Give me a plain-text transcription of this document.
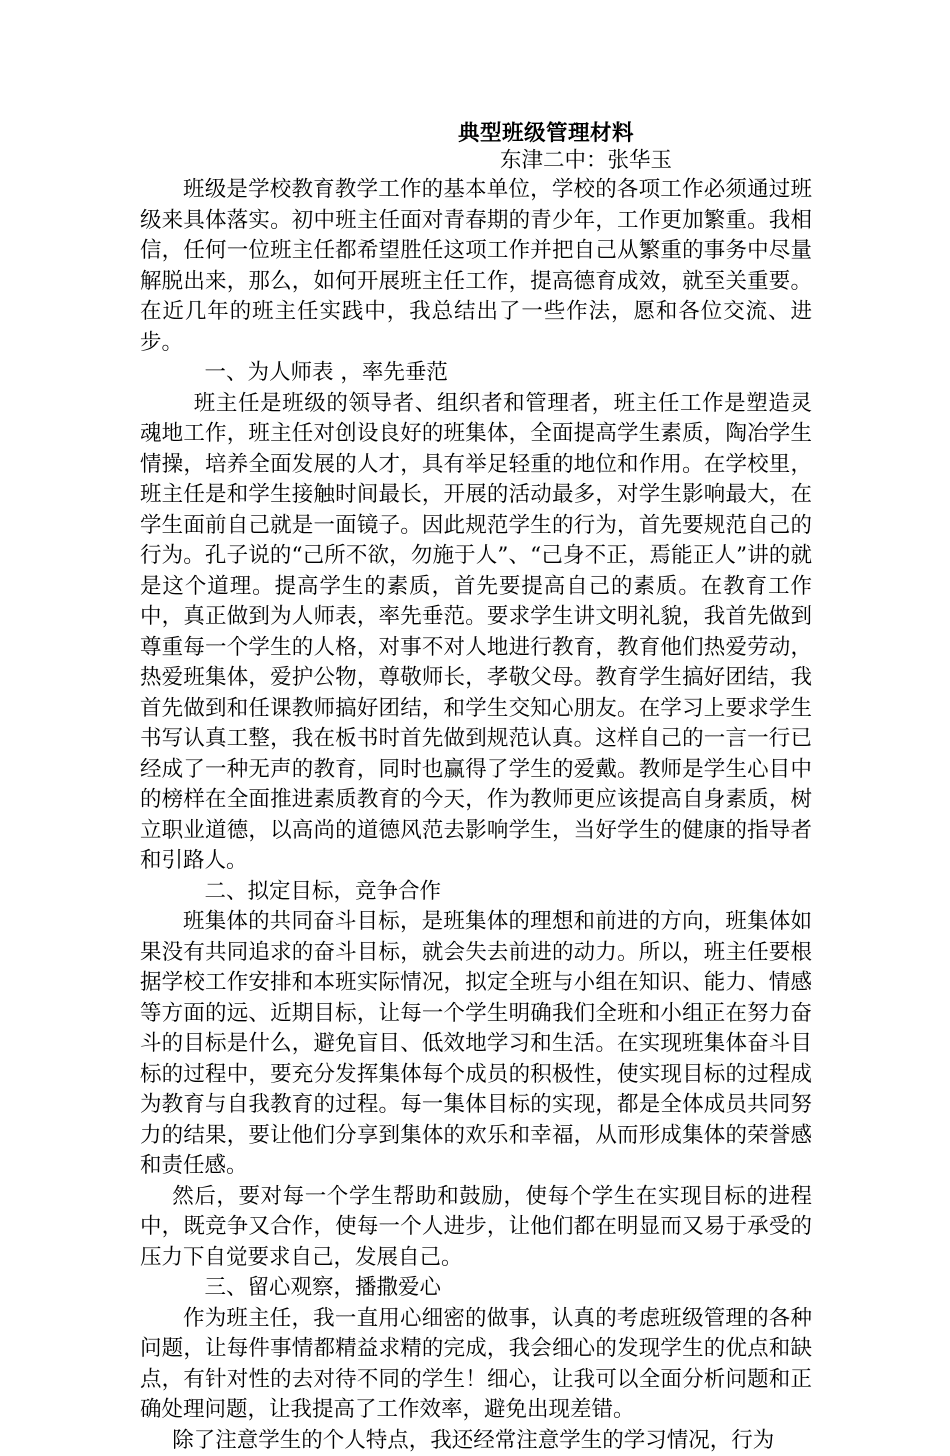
典型班级管理材料
东津二中：张华玉

班级是学校教育教学工作的基本单位，学校的各项工作必须通过班级来具体落实。初中班主任面对青春期的青少年，工作更加繁重。我相信，任何一位班主任都希望胜任这项工作并把自己从繁重的事务中尽量解脱出来，那么，如何开展班主任工作，提高德育成效，就至关重要。在近几年的班主任实践中，我总结出了一些作法，愿和各位交流、进步。

一、为人师表 ，率先垂范

班主任是班级的领导者、组织者和管理者，班主任工作是塑造灵魂地工作，班主任对创设良好的班集体，全面提高学生素质，陶冶学生情操，培养全面发展的人才，具有举足轻重的地位和作用。在学校里，班主任是和学生接触时间最长，开展的活动最多，对学生影响最大，在学生面前自己就是一面镜子。因此规范学生的行为，首先要规范自己的行为。孔子说的“己所不欲，勿施于人”、“己身不正，焉能正人”讲的就是这个道理。提高学生的素质，首先要提高自己的素质。在教育工作中，真正做到为人师表，率先垂范。要求学生讲文明礼貌，我首先做到尊重每一个学生的人格，对事不对人地进行教育，教育他们热爱劳动，热爱班集体，爱护公物，尊敬师长，孝敬父母。教育学生搞好团结，我首先做到和任课教师搞好团结，和学生交知心朋友。在学习上要求学生书写认真工整，我在板书时首先做到规范认真。这样自己的一言一行已经成了一种无声的教育，同时也赢得了学生的爱戴。教师是学生心目中的榜样在全面推进素质教育的今天，作为教师更应该提高自身素质，树立职业道德，以高尚的道德风范去影响学生，当好学生的健康的指导者和引路人。

二、拟定目标，竞争合作

班集体的共同奋斗目标，是班集体的理想和前进的方向，班集体如果没有共同追求的奋斗目标，就会失去前进的动力。所以，班主任要根据学校工作安排和本班实际情况，拟定全班与小组在知识、能力、情感等方面的远、近期目标，让每一个学生明确我们全班和小组正在努力奋斗的目标是什么，避免盲目、低效地学习和生活。在实现班集体奋斗目标的过程中，要充分发挥集体每个成员的积极性，使实现目标的过程成为教育与自我教育的过程。每一集体目标的实现，都是全体成员共同努力的结果，要让他们分享到集体的欢乐和幸福，从而形成集体的荣誉感和责任感。

然后，要对每一个学生帮助和鼓励，使每个学生在实现目标的进程中，既竞争又合作，使每一个人进步，让他们都在明显而又易于承受的压力下自觉要求自己，发展自己。

三、留心观察，播撒爱心

作为班主任，我一直用心细密的做事，认真的考虑班级管理的各种问题，让每件事情都精益求精的完成，我会细心的发现学生的优点和缺点，有针对性的去对待不同的学生！细心，让我可以全面分析问题和正确处理问题，让我提高了工作效率，避免出现差错。

除了注意学生的个人特点，我还经常注意学生的学习情况，行为
